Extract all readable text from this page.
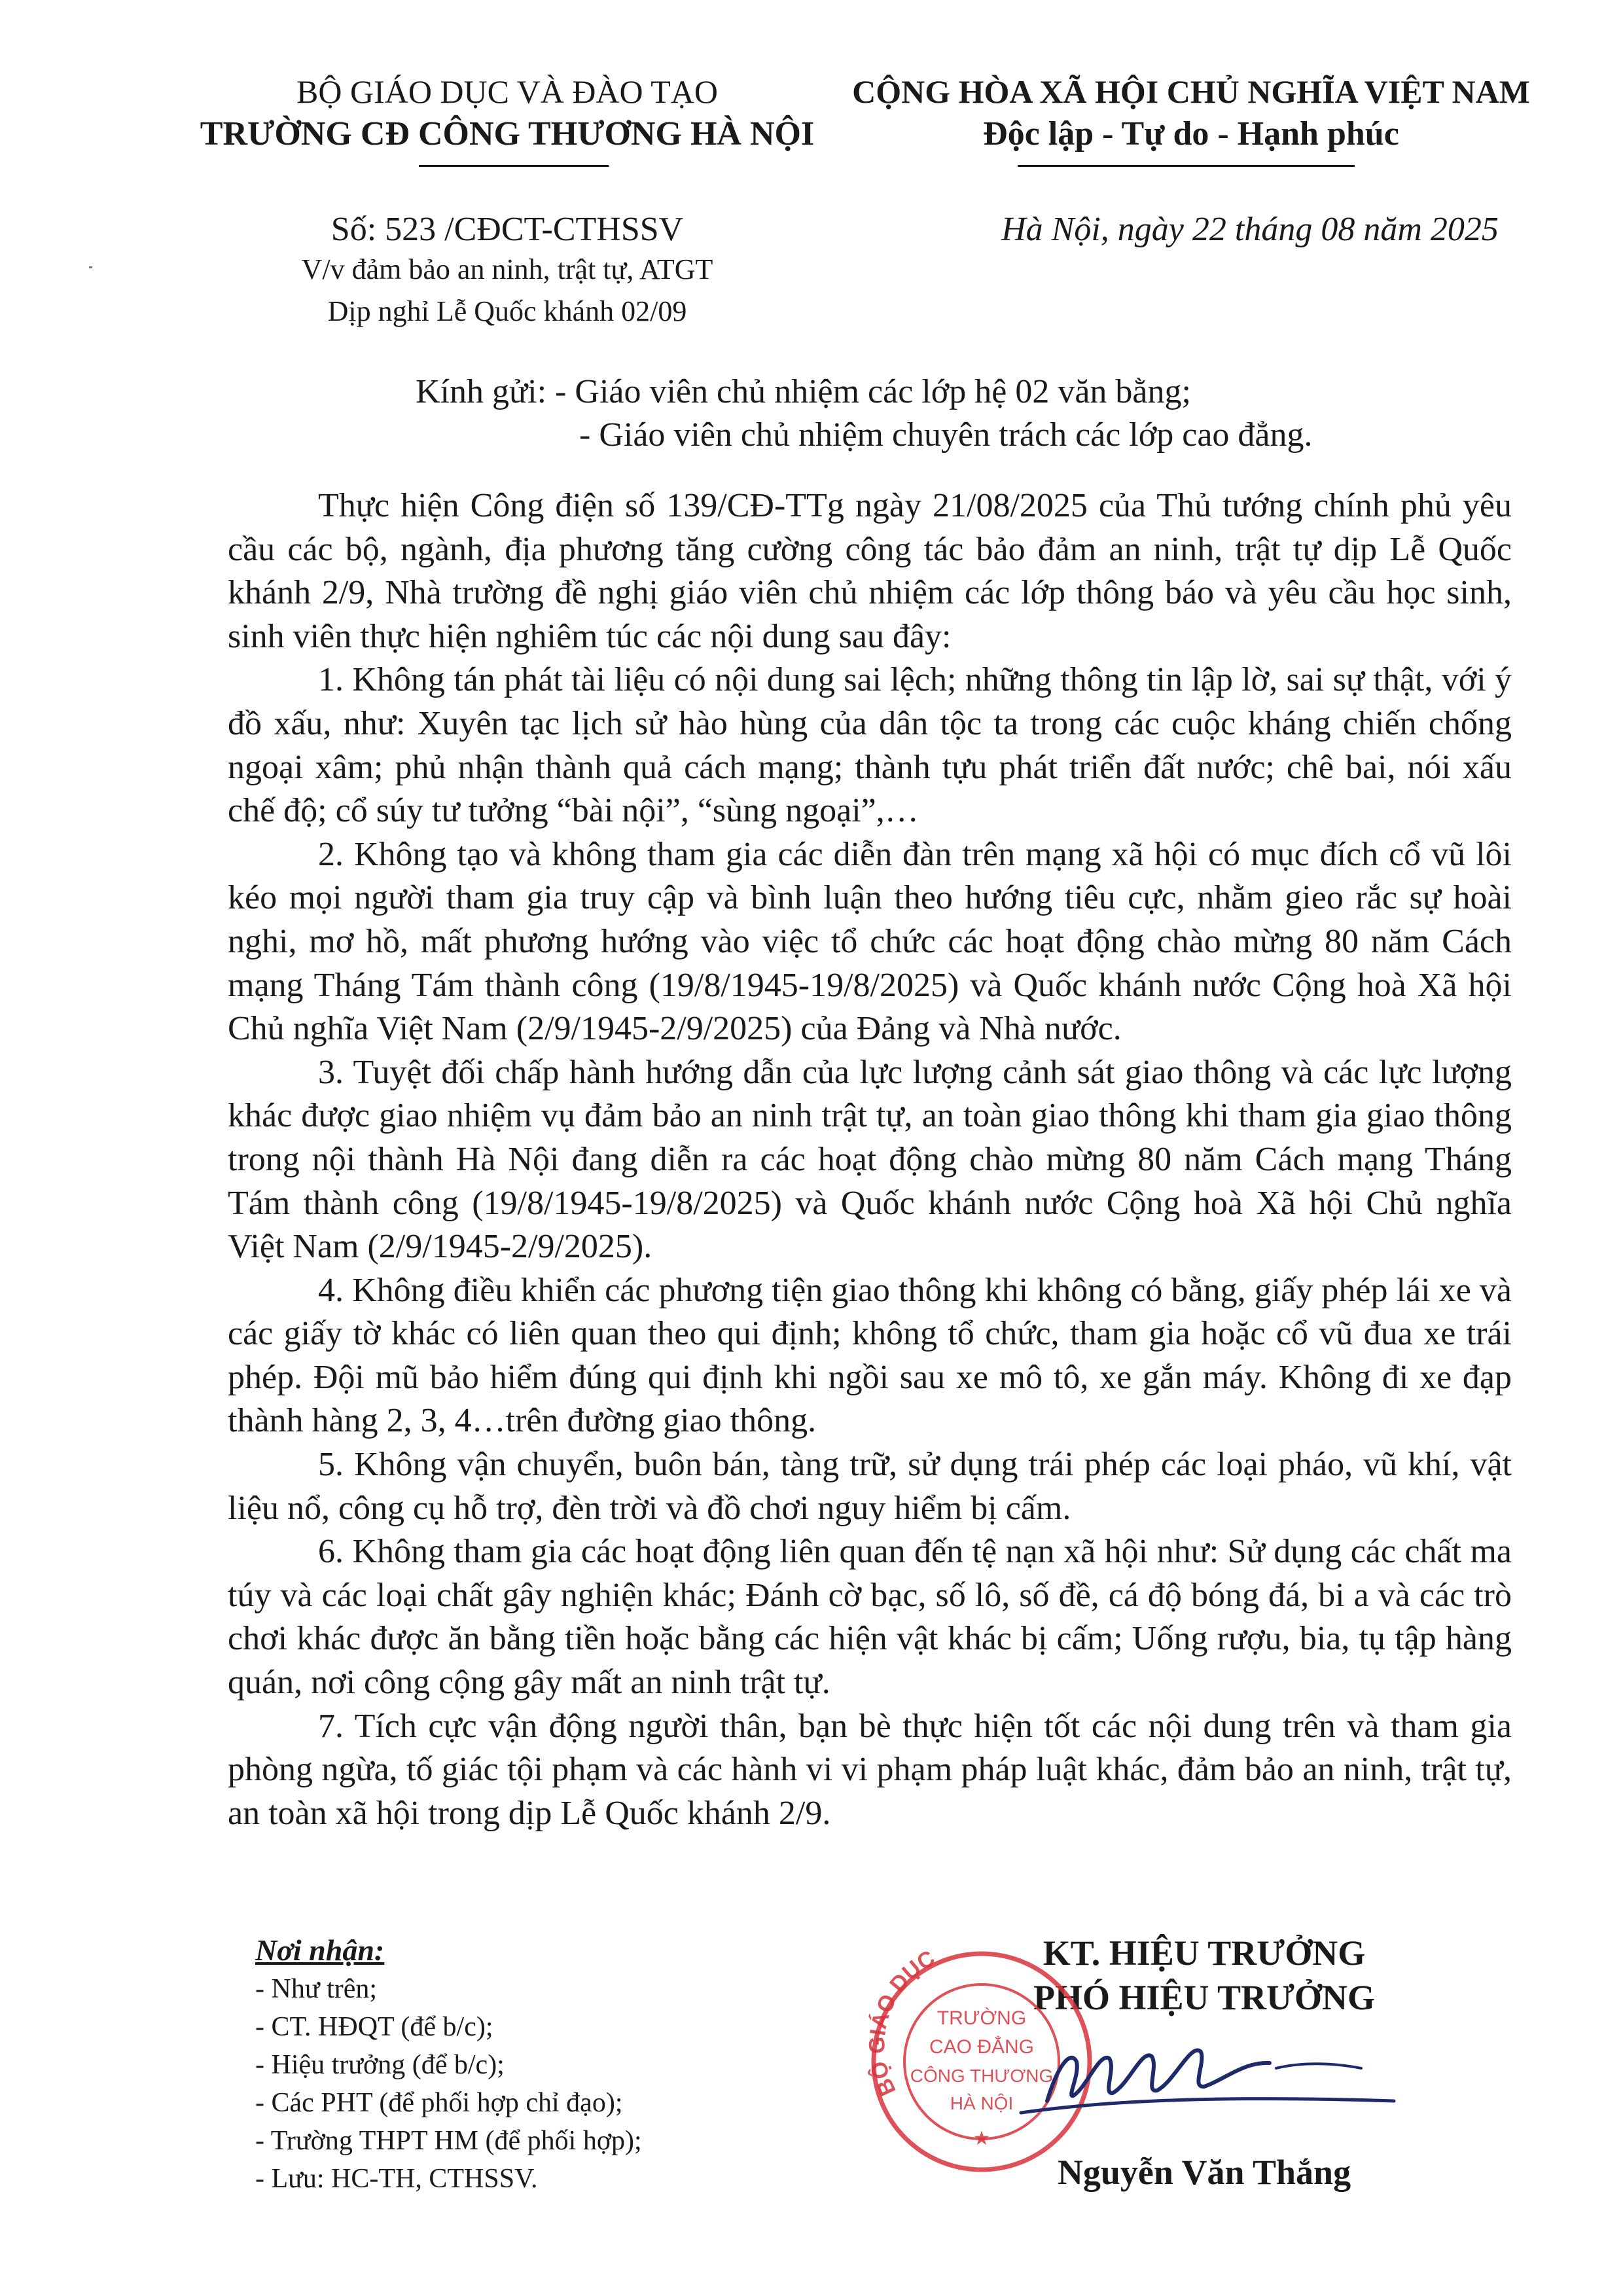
BỘ GIÁO DỤC VÀ ĐÀO TẠO
TRƯỜNG CĐ CÔNG THƯƠNG HÀ NỘI
CỘNG HÒA XÃ HỘI CHỦ NGHĨA VIỆT NAM
Độc lập - Tự do - Hạnh phúc
Số: 523 /CĐCT-CTHSSV
V/v đảm bảo an ninh, trật tự, ATGT
Dịp nghỉ Lễ Quốc khánh 02/09
Hà Nội, ngày 22 tháng 08 năm 2025
Kính gửi: - Giáo viên chủ nhiệm các lớp hệ 02 văn bằng;
- Giáo viên chủ nhiệm chuyên trách các lớp cao đẳng.

Thực hiện Công điện số 139/CĐ-TTg ngày 21/08/2025 của Thủ tướng chính phủ yêu cầu các bộ, ngành, địa phương tăng cường công tác bảo đảm an ninh, trật tự dịp Lễ Quốc khánh 2/9, Nhà trường đề nghị giáo viên chủ nhiệm các lớp thông báo và yêu cầu học sinh, sinh viên thực hiện nghiêm túc các nội dung sau đây:

1. Không tán phát tài liệu có nội dung sai lệch; những thông tin lập lờ, sai sự thật, với ý đồ xấu, như: Xuyên tạc lịch sử hào hùng của dân tộc ta trong các cuộc kháng chiến chống ngoại xâm; phủ nhận thành quả cách mạng; thành tựu phát triển đất nước; chê bai, nói xấu chế độ; cổ súy tư tưởng “bài nội”, “sùng ngoại”,…

2. Không tạo và không tham gia các diễn đàn trên mạng xã hội có mục đích cổ vũ lôi kéo mọi người tham gia truy cập và bình luận theo hướng tiêu cực, nhằm gieo rắc sự hoài nghi, mơ hồ, mất phương hướng vào việc tổ chức các hoạt động chào mừng 80 năm Cách mạng Tháng Tám thành công (19/8/1945-19/8/2025) và Quốc khánh nước Cộng hoà Xã hội Chủ nghĩa Việt Nam (2/9/1945-2/9/2025) của Đảng và Nhà nước.

3. Tuyệt đối chấp hành hướng dẫn của lực lượng cảnh sát giao thông và các lực lượng khác được giao nhiệm vụ đảm bảo an ninh trật tự, an toàn giao thông khi tham gia giao thông trong nội thành Hà Nội đang diễn ra các hoạt động chào mừng 80 năm Cách mạng Tháng Tám thành công (19/8/1945-19/8/2025) và Quốc khánh nước Cộng hoà Xã hội Chủ nghĩa Việt Nam (2/9/1945-2/9/2025).

4. Không điều khiển các phương tiện giao thông khi không có bằng, giấy phép lái xe và các giấy tờ khác có liên quan theo qui định; không tổ chức, tham gia hoặc cổ vũ đua xe trái phép. Đội mũ bảo hiểm đúng qui định khi ngồi sau xe mô tô, xe gắn máy. Không đi xe đạp thành hàng 2, 3, 4…trên đường giao thông.

5. Không vận chuyển, buôn bán, tàng trữ, sử dụng trái phép các loại pháo, vũ khí, vật liệu nổ, công cụ hỗ trợ, đèn trời và đồ chơi nguy hiểm bị cấm.

6. Không tham gia các hoạt động liên quan đến tệ nạn xã hội như: Sử dụng các chất ma túy và các loại chất gây nghiện khác; Đánh cờ bạc, số lô, số đề, cá độ bóng đá, bi a và các trò chơi khác được ăn bằng tiền hoặc bằng các hiện vật khác bị cấm; Uống rượu, bia, tụ tập hàng quán, nơi công cộng gây mất an ninh trật tự.

7. Tích cực vận động người thân, bạn bè thực hiện tốt các nội dung trên và tham gia phòng ngừa, tố giác tội phạm và các hành vi vi phạm pháp luật khác, đảm bảo an ninh, trật tự, an toàn xã hội trong dịp Lễ Quốc khánh 2/9.

Nơi nhận:
- Như trên;
- CT. HĐQT (để b/c);
- Hiệu trưởng (để b/c);
- Các PHT (để phối hợp chỉ đạo);
- Trường THPT HM (để phối hợp);
- Lưu: HC-TH, CTHSSV.
KT. HIỆU TRƯỞNG
PHÓ HIỆU TRƯỞNG
Nguyễn Văn Thắng
BỘ GIÁO DỤC
TRƯỜNG
CAO ĐẲNG
CÔNG THƯƠNG
HÀ NỘI
★
